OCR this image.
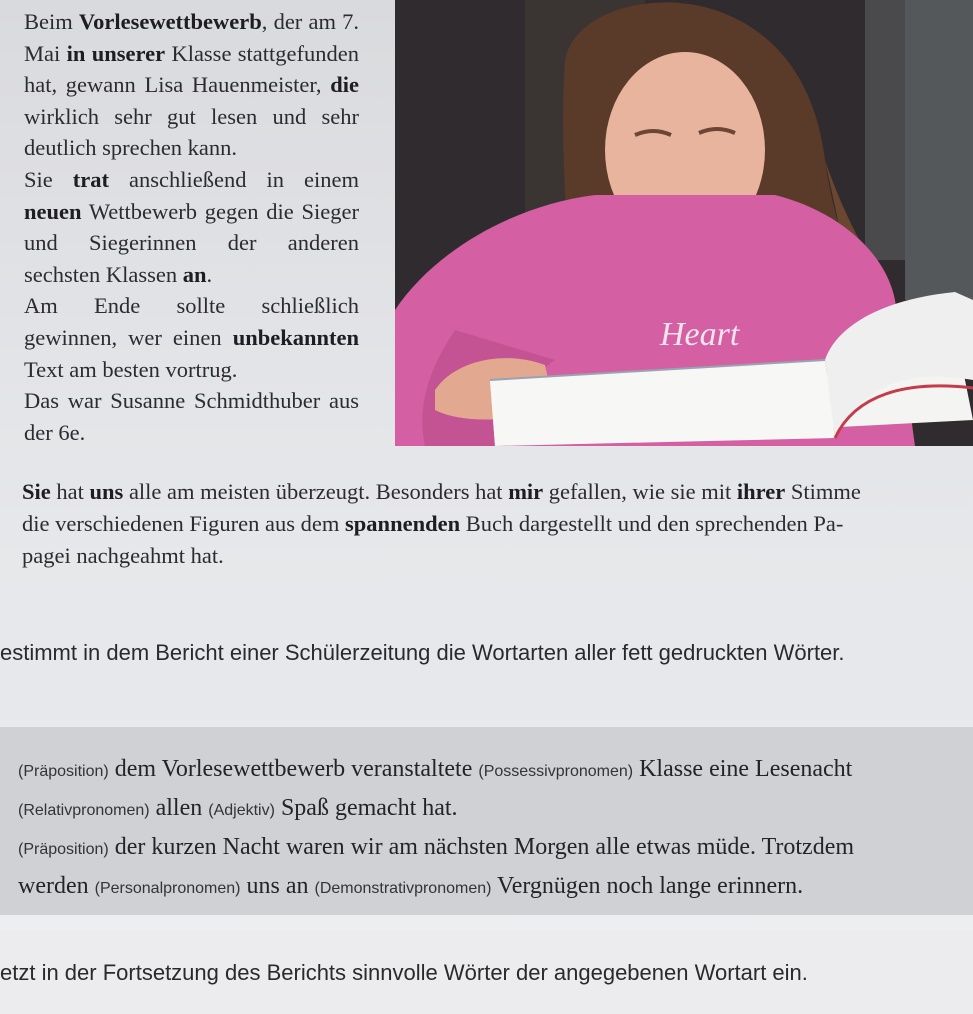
Beim Vorlesewettbewerb, der am 7. Mai in unserer Klasse stattgefunden hat, gewann Lisa Hauenmeister, die wirklich sehr gut lesen und sehr deutlich sprechen kann.

Sie trat anschließend in einem neuen Wettbewerb gegen die Sieger und Siegerinnen der anderen sechsten Klassen an.

Am Ende sollte schließlich gewinnen, wer einen unbekannten Text am besten vortrug.

Das war Susanne Schmidthuber aus der 6e.

Heart

Sie hat uns alle am meisten überzeugt. Besonders hat mir gefallen, wie sie mit ihrer Stimme

die verschiedenen Figuren aus dem spannenden Buch dargestellt und den sprechenden Pa-

pagei nachgeahmt hat.

estimmt in dem Bericht einer Schülerzeitung die Wortarten aller fett gedruckten Wörter.

(Präposition) dem Vorlesewettbewerb veranstaltete (Possessivpronomen) Klasse eine Lesenacht

(Relativpronomen) allen (Adjektiv) Spaß gemacht hat.

(Präposition) der kurzen Nacht waren wir am nächsten Morgen alle etwas müde. Trotzdem

werden (Personalpronomen) uns an (Demonstrativpronomen) Vergnügen noch lange erinnern.

etzt in der Fortsetzung des Berichts sinnvolle Wörter der angegebenen Wortart ein.
